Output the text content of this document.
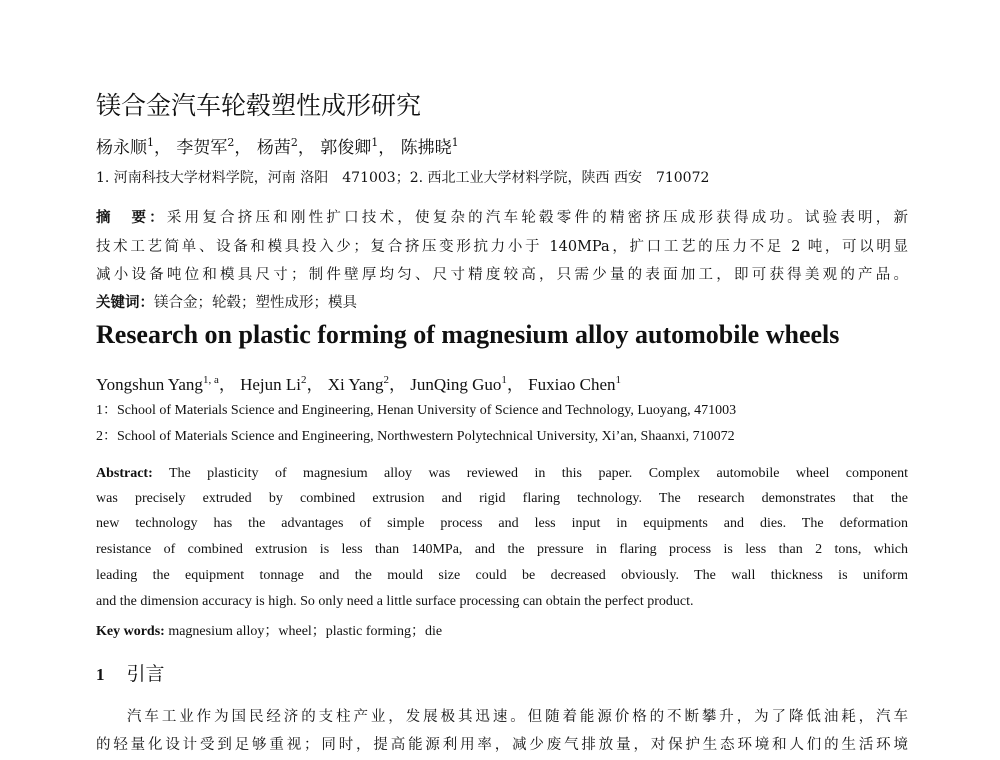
镁合金汽车轮毂塑性成形研究
杨永顺$^1$， 李贺军$^2$， 杨茜$^2$， 郭俊卿$^1$， 陈拂晓$^1$
1. 河南科技大学材料学院，河南 洛阳　471003；2. 西北工业大学材料学院，陕西 西安　710072
摘　要：采用复合挤压和刚性扩口技术，使复杂的汽车轮毂零件的精密挤压成形获得成功。试验表明，新
技术工艺简单、设备和模具投入少；复合挤压变形抗力小于 140MPa，扩口工艺的压力不足 2 吨，可以明显
减小设备吨位和模具尺寸；制件壁厚均匀、尺寸精度较高，只需少量的表面加工，即可获得美观的产品。
关键词：镁合金；轮毂；塑性成形；模具
Research on plastic forming of magnesium alloy automobile wheels
Yongshun Yang$^{1, a}$， Hejun Li$^2$， Xi Yang$^2$， JunQing Guo$^1$， Fuxiao Chen$^1$
1：School of Materials Science and Engineering, Henan University of Science and Technology, Luoyang, 471003
2：School of Materials Science and Engineering, Northwestern Polytechnical University, Xi’an, Shaanxi, 710072
Abstract: The plasticity of magnesium alloy was reviewed in this paper. Complex automobile wheel component
was precisely extruded by combined extrusion and rigid flaring technology. The research demonstrates that the
new technology has the advantages of simple process and less input in equipments and dies. The deformation
resistance of combined extrusion is less than 140MPa, and the pressure in flaring process is less than 2 tons, which
leading the equipment tonnage and the mould size could be decreased obviously. The wall thickness is uniform
and the dimension accuracy is high. So only need a little surface processing can obtain the perfect product.
Key words: magnesium alloy；wheel；plastic forming；die
1 引言
汽车工业作为国民经济的支柱产业，发展极其迅速。但随着能源价格的不断攀升，为了降低油耗，汽车
的轻量化设计受到足够重视；同时，提高能源利用率，减少废气排放量，对保护生态环境和人们的生活环境
